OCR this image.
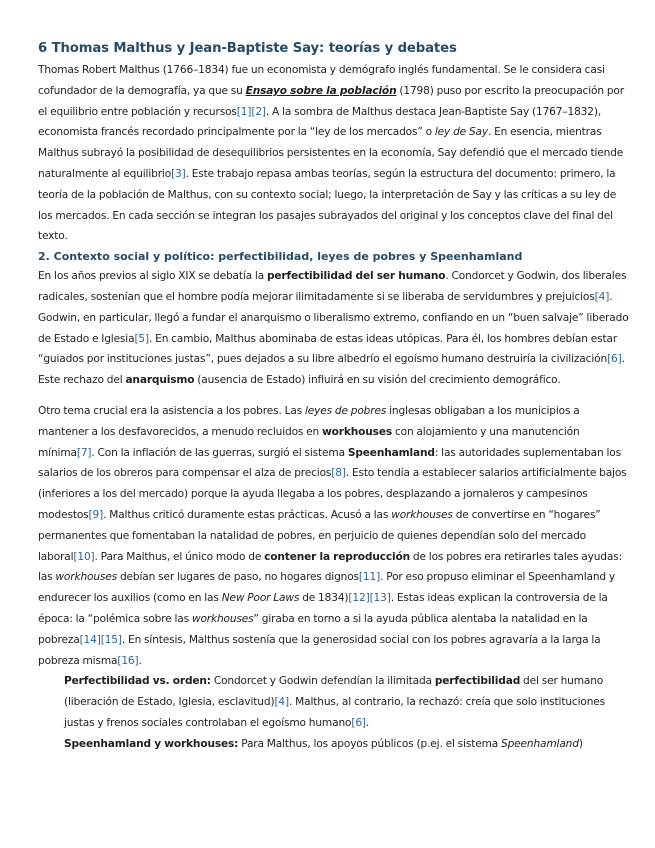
6 Thomas Malthus y Jean-Baptiste Say: teorías y debates

Thomas Robert Malthus (1766–1834) fue un economista y demógrafo inglés fundamental. Se le considera casi cofundador de la demografía, ya que su Ensayo sobre la población (1798) puso por escrito la preocupación por el equilibrio entre población y recursos[1][2]. A la sombra de Malthus destaca Jean-Baptiste Say (1767–1832), economista francés recordado principalmente por la “ley de los mercados” o ley de Say. En esencia, mientras Malthus subrayó la posibilidad de desequilibrios persistentes en la economía, Say defendió que el mercado tiende naturalmente al equilibrio[3]. Este trabajo repasa ambas teorías, según la estructura del documento: primero, la teoría de la población de Malthus, con su contexto social; luego, la interpretación de Say y las críticas a su ley de los mercados. En cada sección se integran los pasajes subrayados del original y los conceptos clave del final del texto.

2. Contexto social y político: perfectibilidad, leyes de pobres y Speenhamland

En los años previos al siglo XIX se debatía la perfectibilidad del ser humano. Condorcet y Godwin, dos liberales radicales, sostenían que el hombre podía mejorar ilimitadamente si se liberaba de servidumbres y prejuicios[4]. Godwin, en particular, llegó a fundar el anarquismo o liberalismo extremo, confiando en un “buen salvaje” liberado de Estado e Iglesia[5]. En cambio, Malthus abominaba de estas ideas utópicas. Para él, los hombres debían estar “guiados por instituciones justas”, pues dejados a su libre albedrío el egoísmo humano destruiría la civilización[6]. Este rechazo del anarquismo (ausencia de Estado) influirá en su visión del crecimiento demográfico.

Otro tema crucial era la asistencia a los pobres. Las leyes de pobres inglesas obligaban a los municipios a mantener a los desfavorecidos, a menudo recluidos en workhouses con alojamiento y una manutención mínima[7]. Con la inflación de las guerras, surgió el sistema Speenhamland: las autoridades suplementaban los salarios de los obreros para compensar el alza de precios[8]. Esto tendía a establecer salarios artificialmente bajos (inferiores a los del mercado) porque la ayuda llegaba a los pobres, desplazando a jornaleros y campesinos modestos[9]. Malthus criticó duramente estas prácticas. Acusó a las workhouses de convertirse en “hogares” permanentes que fomentaban la natalidad de pobres, en perjuicio de quienes dependían solo del mercado laboral[10]. Para Malthus, el único modo de contener la reproducción de los pobres era retirarles tales ayudas: las workhouses debían ser lugares de paso, no hogares dignos[11]. Por eso propuso eliminar el Speenhamland y endurecer los auxilios (como en las New Poor Laws de 1834)[12][13]. Estas ideas explican la controversia de la época: la “polémica sobre las workhouses” giraba en torno a si la ayuda pública alentaba la natalidad en la pobreza[14][15]. En síntesis, Malthus sostenía que la generosidad social con los pobres agravaría a la larga la pobreza misma[16].

Perfectibilidad vs. orden: Condorcet y Godwin defendían la ilimitada perfectibilidad del ser humano (liberación de Estado, Iglesia, esclavitud)[4]. Malthus, al contrario, la rechazó: creía que solo instituciones justas y frenos sociales controlaban el egoísmo humano[6].
Speenhamland y workhouses: Para Malthus, los apoyos públicos (p.ej. el sistema Speenhamland)
